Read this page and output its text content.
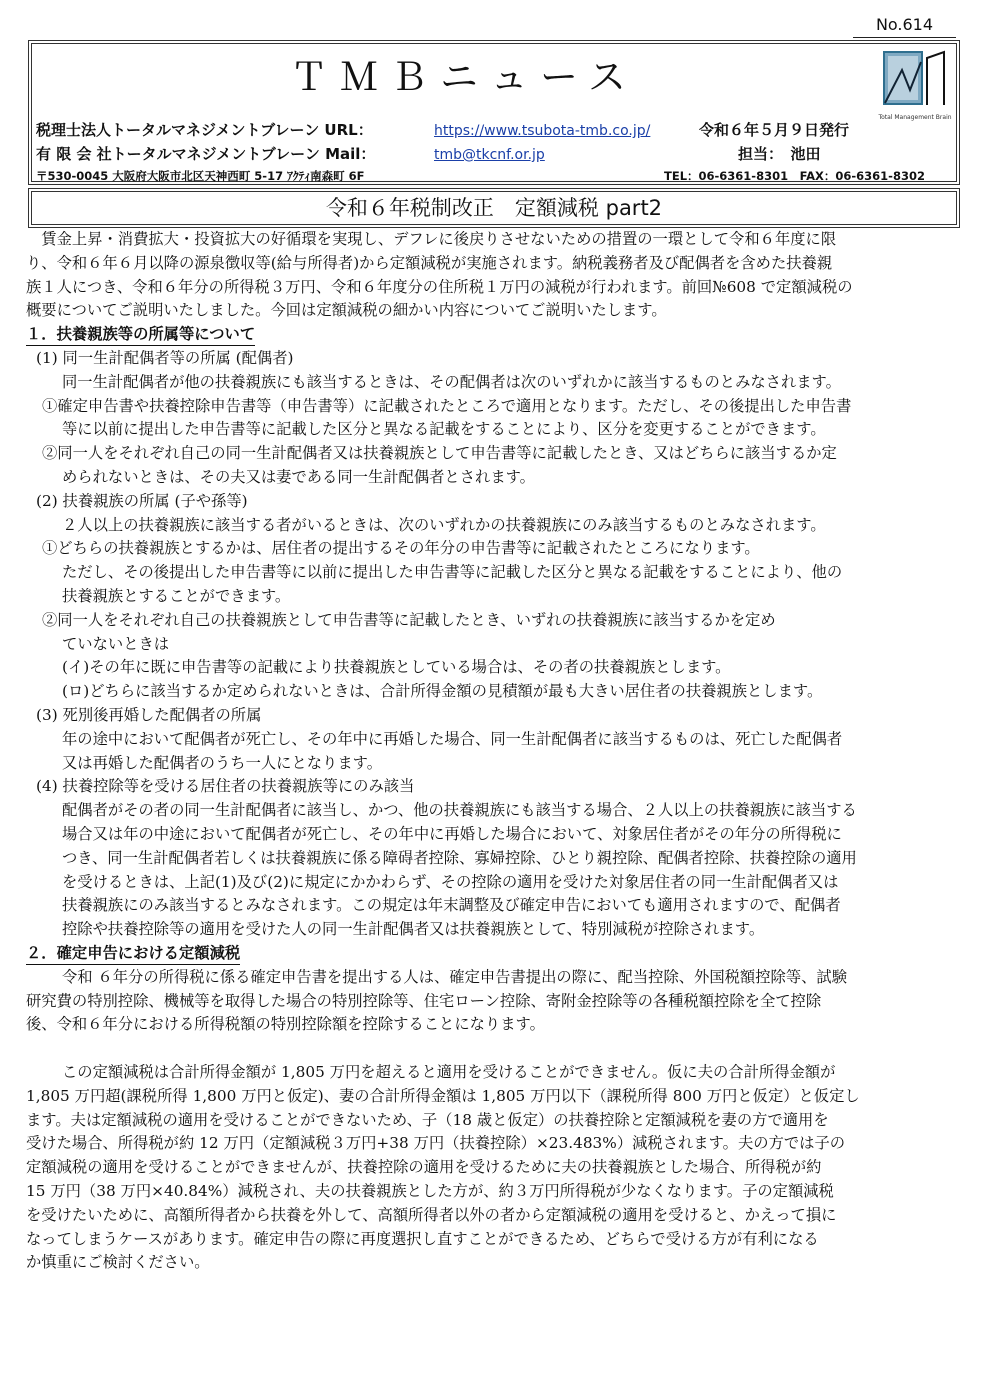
No.614
ＴＭＢニュース
Total Management Brain
税理士法人トータルマネジメントブレーン URL：	https://www.tsubota-tmb.co.jp/	令和６年５月９日発行
有 限 会 社トータルマネジメントブレーン Mail：	tmb@tkcnf.or.jp	担当：　池田
〒530-0045 大阪府大阪市北区天神西町 5-17 ｱｸﾃｨ南森町 6F	TEL：06-6361-8301　FAX：06-6361-8302
令和６年税制改正　定額減税 part2

賃金上昇・消費拡大・投資拡大の好循環を実現し、デフレに後戻りさせないための措置の一環として令和６年度に限

り、令和６年６月以降の源泉徴収等(給与所得者)から定額減税が実施されます。納税義務者及び配偶者を含めた扶養親

族１人につき、令和６年分の所得税３万円、令和６年度分の住所税１万円の減税が行われます。前回№608 で定額減税の

概要についてご説明いたしました。今回は定額減税の細かい内容についてご説明いたします。

１．扶養親族等の所属等について

(1) 同一生計配偶者等の所属 (配偶者)

同一生計配偶者が他の扶養親族にも該当するときは、その配偶者は次のいずれかに該当するものとみなされます。

①確定申告書や扶養控除申告書等（申告書等）に記載されたところで適用となります。ただし、その後提出した申告書

等に以前に提出した申告書等に記載した区分と異なる記載をすることにより、区分を変更することができます。

②同一人をそれぞれ自己の同一生計配偶者又は扶養親族として申告書等に記載したとき、又はどちらに該当するか定

められないときは、その夫又は妻である同一生計配偶者とされます。

(2) 扶養親族の所属 (子や孫等)

２人以上の扶養親族に該当する者がいるときは、次のいずれかの扶養親族にのみ該当するものとみなされます。

①どちらの扶養親族とするかは、居住者の提出するその年分の申告書等に記載されたところになります。

ただし、その後提出した申告書等に以前に提出した申告書等に記載した区分と異なる記載をすることにより、他の

扶養親族とすることができます。

②同一人をそれぞれ自己の扶養親族として申告書等に記載したとき、いずれの扶養親族に該当するかを定め

ていないときは

(イ)その年に既に申告書等の記載により扶養親族としている場合は、その者の扶養親族とします。

(ロ)どちらに該当するか定められないときは、合計所得金額の見積額が最も大きい居住者の扶養親族とします。

(3) 死別後再婚した配偶者の所属

年の途中において配偶者が死亡し、その年中に再婚した場合、同一生計配偶者に該当するものは、死亡した配偶者

又は再婚した配偶者のうち一人にとなります。

(4) 扶養控除等を受ける居住者の扶養親族等にのみ該当

配偶者がその者の同一生計配偶者に該当し、かつ、他の扶養親族にも該当する場合、２人以上の扶養親族に該当する

場合又は年の中途において配偶者が死亡し、その年中に再婚した場合において、対象居住者がその年分の所得税に

つき、同一生計配偶者若しくは扶養親族に係る障碍者控除、寡婦控除、ひとり親控除、配偶者控除、扶養控除の適用

を受けるときは、上記(1)及び(2)に規定にかかわらず、その控除の適用を受けた対象居住者の同一生計配偶者又は

扶養親族にのみ該当するとみなされます。この規定は年末調整及び確定申告においても適用されますので、配偶者

控除や扶養控除等の適用を受けた人の同一生計配偶者又は扶養親族として、特別減税が控除されます。

２．確定申告における定額減税

令和 ６年分の所得税に係る確定申告書を提出する人は、確定申告書提出の際に、配当控除、外国税額控除等、試験

研究費の特別控除、機械等を取得した場合の特別控除等、住宅ローン控除、寄附金控除等の各種税額控除を全て控除

後、令和６年分における所得税額の特別控除額を控除することになります。

この定額減税は合計所得金額が 1,805 万円を超えると適用を受けることができません。仮に夫の合計所得金額が

1,805 万円超(課税所得 1,800 万円と仮定)、妻の合計所得金額は 1,805 万円以下（課税所得 800 万円と仮定）と仮定し

ます。夫は定額減税の適用を受けることができないため、子（18 歳と仮定）の扶養控除と定額減税を妻の方で適用を

受けた場合、所得税が約 12 万円（定額減税３万円+38 万円（扶養控除）×23.483%）減税されます。夫の方では子の

定額減税の適用を受けることができませんが、扶養控除の適用を受けるために夫の扶養親族とした場合、所得税が約

15 万円（38 万円×40.84%）減税され、夫の扶養親族とした方が、約３万円所得税が少なくなります。子の定額減税

を受けたいために、高額所得者から扶養を外して、高額所得者以外の者から定額減税の適用を受けると、かえって損に

なってしまうケースがあります。確定申告の際に再度選択し直すことができるため、どちらで受ける方が有利になる

か慎重にご検討ください。
